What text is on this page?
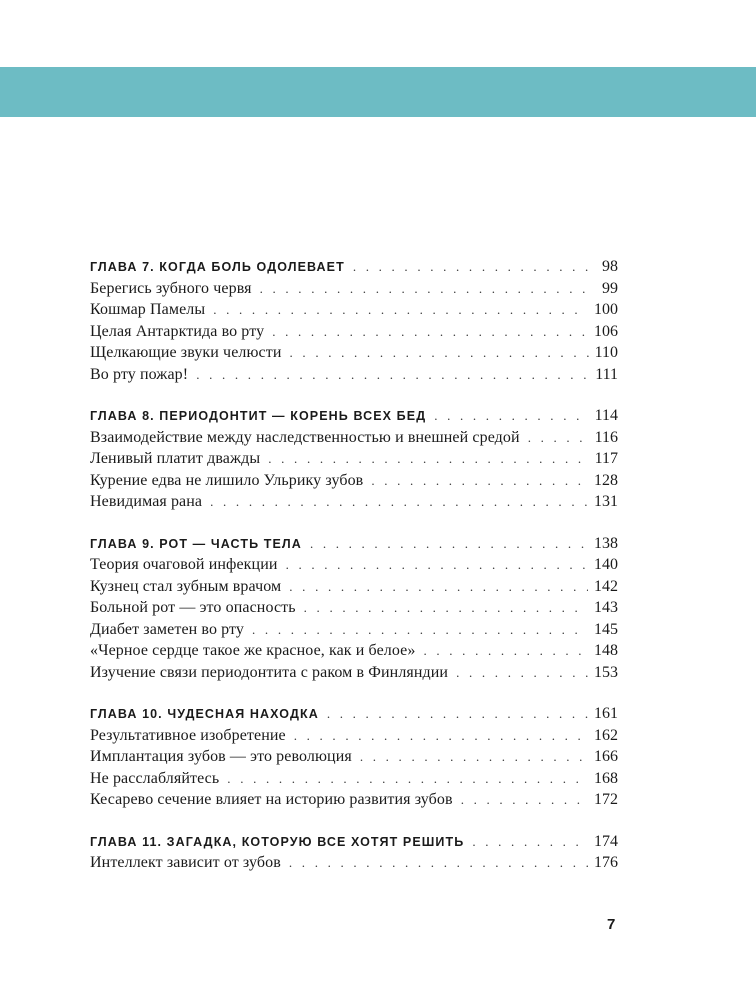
ГЛАВА 7. КОГДА БОЛЬ ОДОЛЕВАЕТ . . .	98
Берегись зубного червя . . .	99
Кошмар Памелы . . .	100
Целая Антарктида во рту . . .	106
Щелкающие звуки челюсти . . .	110
Во рту пожар! . . .	111
ГЛАВА 8. ПЕРИОДОНТИТ — КОРЕНЬ ВСЕХ БЕД . . .	114
Взаимодействие между наследственностью и внешней средой . . .	116
Ленивый платит дважды . . .	117
Курение едва не лишило Ульрику зубов . . .	128
Невидимая рана . . .	131
ГЛАВА 9. РОТ — ЧАСТЬ ТЕЛА . . .	138
Теория очаговой инфекции . . .	140
Кузнец стал зубным врачом . . .	142
Больной рот — это опасность . . .	143
Диабет заметен во рту . . .	145
«Черное сердце такое же красное, как и белое» . . .	148
Изучение связи периодонтита с раком в Финляндии . . .	153
ГЛАВА 10. ЧУДЕСНАЯ НАХОДКА . . .	161
Результативное изобретение . . .	162
Имплантация зубов — это революция . . .	166
Не расслабляйтесь . . .	168
Кесарево сечение влияет на историю развития зубов . . .	172
ГЛАВА 11. ЗАГАДКА, КОТОРУЮ ВСЕ ХОТЯТ РЕШИТЬ . . .	174
Интеллект зависит от зубов . . .	176
7
